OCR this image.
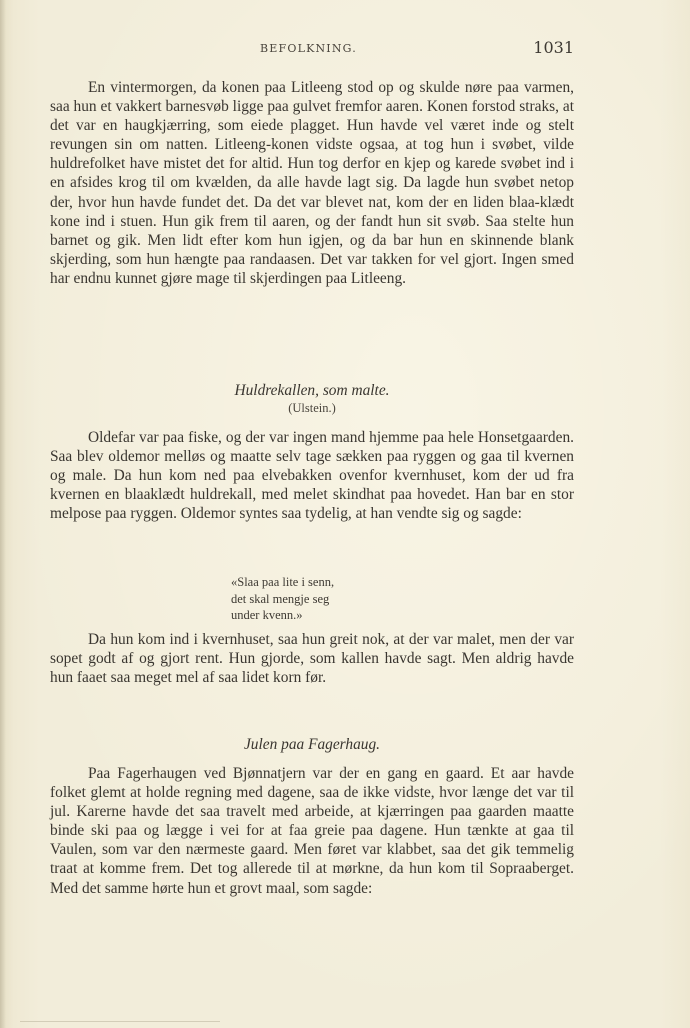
BEFOLKNING.	1031

En vintermorgen, da konen paa Litleeng stod op og skulde nøre paa varmen, saa hun et vakkert barnesvøb ligge paa gulvet fremfor aaren. Konen forstod straks, at det var en haugkjærring, som eiede plagget. Hun havde vel været inde og stelt revungen sin om natten. Litleeng-konen vidste ogsaa, at tog hun i svøbet, vilde huldrefolket have mistet det for altid. Hun tog derfor en kjep og karede svøbet ind i en afsides krog til om kvælden, da alle havde lagt sig. Da lagde hun svøbet netop der, hvor hun havde fundet det. Da det var blevet nat, kom der en liden blaa-klædt kone ind i stuen. Hun gik frem til aaren, og der fandt hun sit svøb. Saa stelte hun barnet og gik. Men lidt efter kom hun igjen, og da bar hun en skinnende blank skjerding, som hun hængte paa randaasen. Det var takken for vel gjort. Ingen smed har endnu kunnet gjøre mage til skjerdingen paa Litleeng.

Huldrekallen, som malte.
(Ulstein.)

Oldefar var paa fiske, og der var ingen mand hjemme paa hele Honsetgaarden. Saa blev oldemor melløs og maatte selv tage sækken paa ryggen og gaa til kvernen og male. Da hun kom ned paa elvebakken ovenfor kvernhuset, kom der ud fra kvernen en blaaklædt huldrekall, med melet skindhat paa hovedet. Han bar en stor melpose paa ryggen. Oldemor syntes saa tydelig, at han vendte sig og sagde:

«Slaa paa lite i senn,
det skal mengje seg
under kvenn.»

Da hun kom ind i kvernhuset, saa hun greit nok, at der var malet, men der var sopet godt af og gjort rent. Hun gjorde, som kallen havde sagt. Men aldrig havde hun faaet saa meget mel af saa lidet korn før.

Julen paa Fagerhaug.

Paa Fagerhaugen ved Bjønnatjern var der en gang en gaard. Et aar havde folket glemt at holde regning med dagene, saa de ikke vidste, hvor længe det var til jul. Karerne havde det saa travelt med arbeide, at kjærringen paa gaarden maatte binde ski paa og lægge i vei for at faa greie paa dagene. Hun tænkte at gaa til Vaulen, som var den nærmeste gaard. Men føret var klabbet, saa det gik temmelig traat at komme frem. Det tog allerede til at mørkne, da hun kom til Sopraaberget. Med det samme hørte hun et grovt maal, som sagde:
